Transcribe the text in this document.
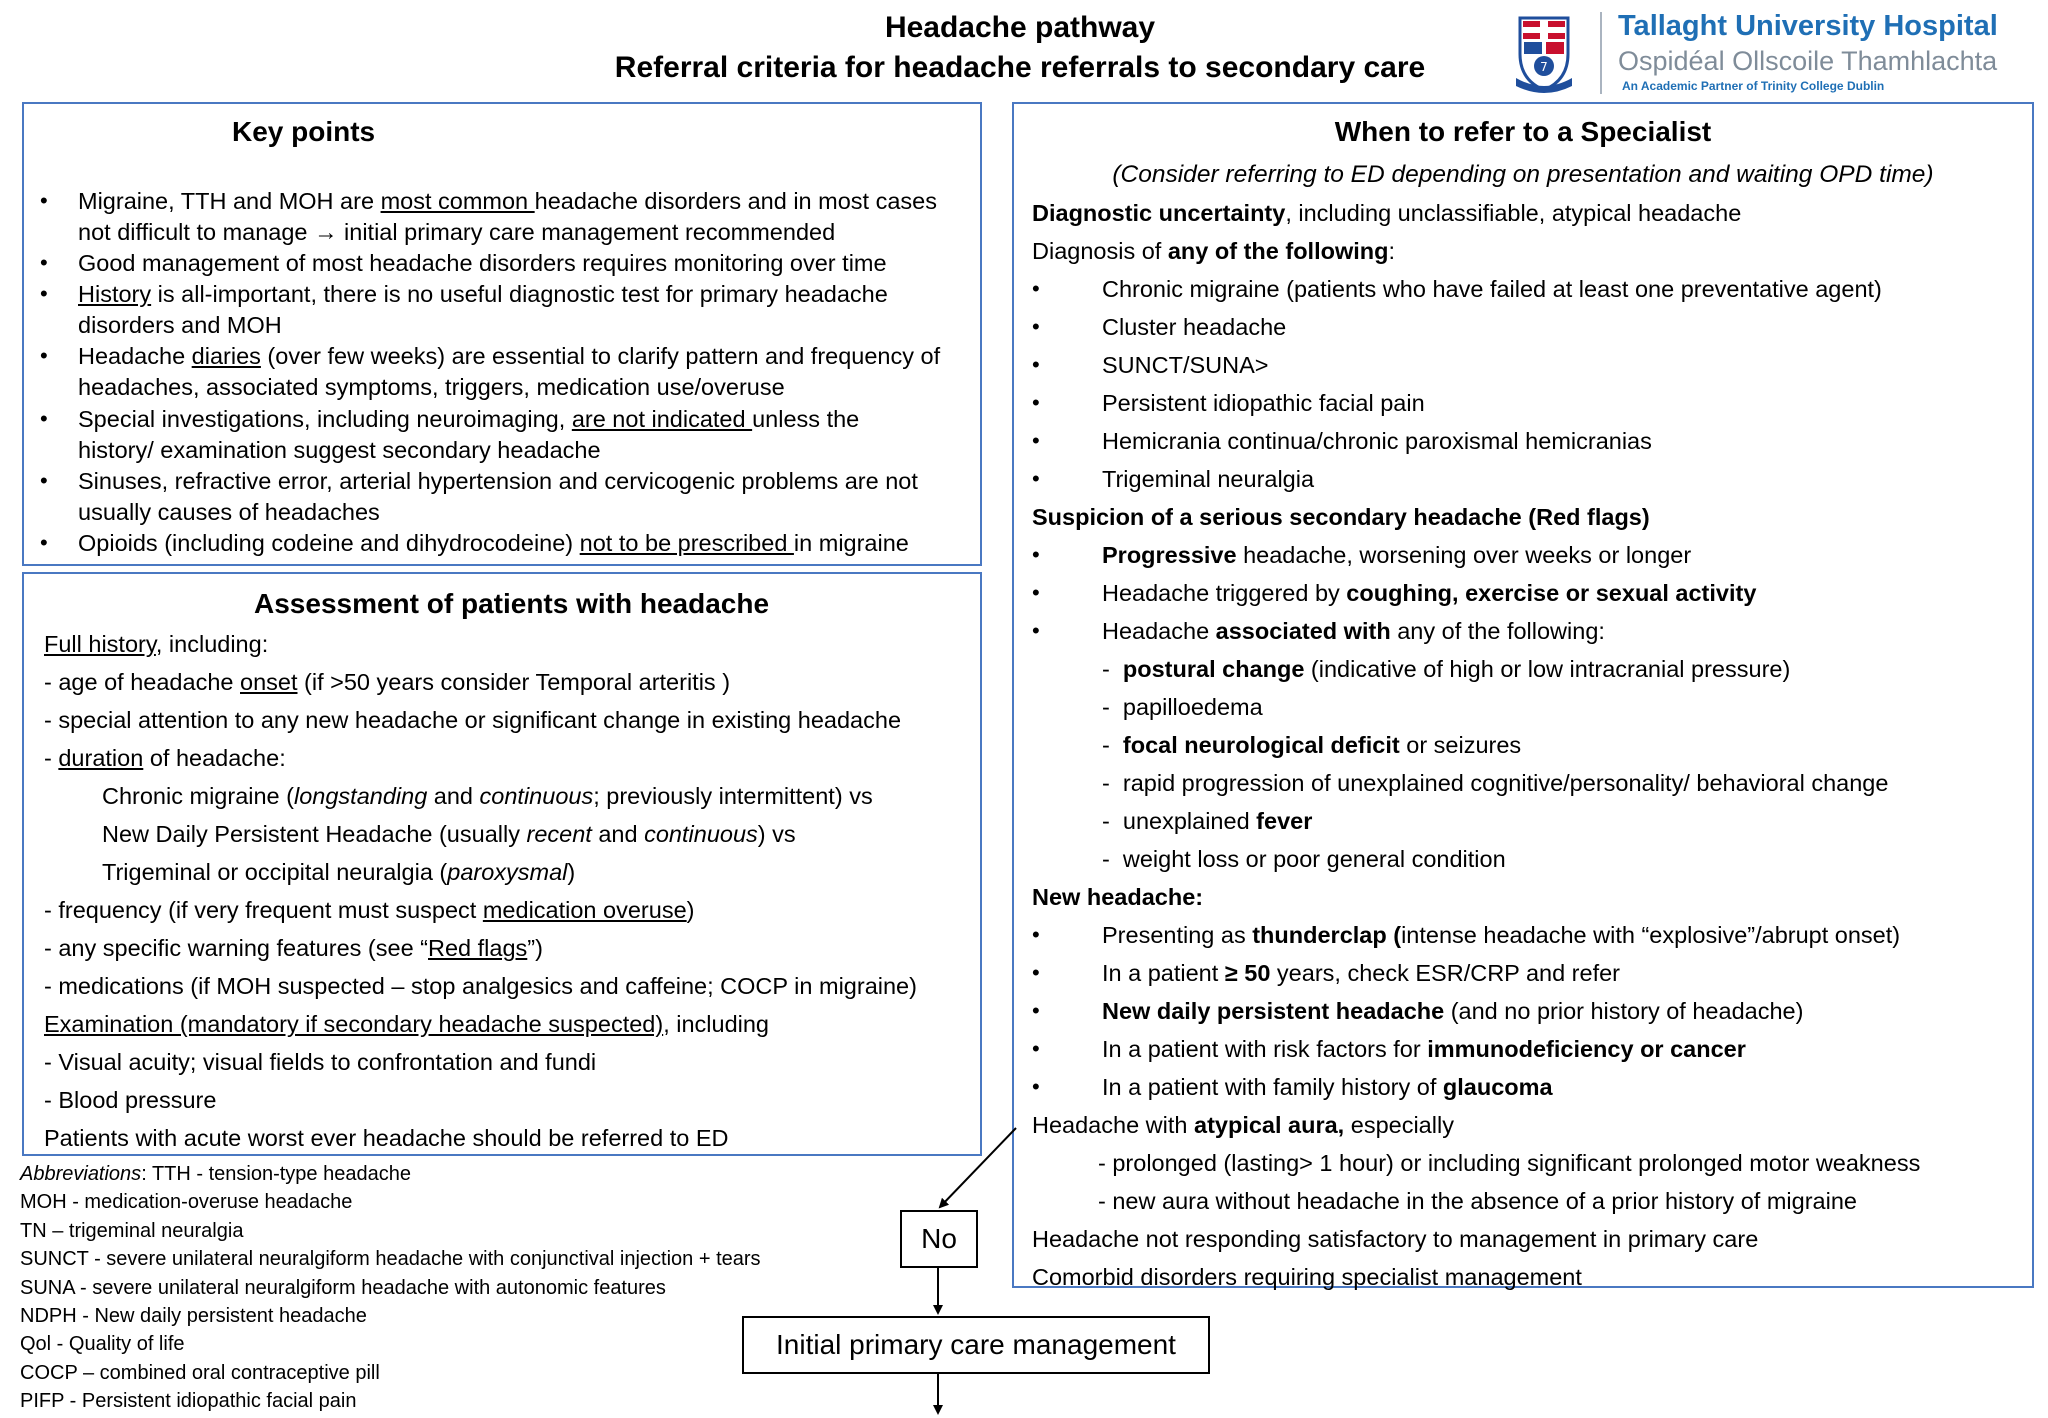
Headache pathway
Referral criteria for headache referrals to secondary care	7
Tallaght University Hospital
Ospidéal Ollscoile Thamhlachta
An Academic Partner of Trinity College Dublin
Key points
• Migraine, TTH and MOH are most common headache disorders and in most cases
not difficult to manage → initial primary care management recommended
• Good management of most headache disorders requires monitoring over time
• History is all-important, there is no useful diagnostic test for primary headache
disorders and MOH
• Headache diaries (over few weeks) are essential to clarify pattern and frequency of
headaches, associated symptoms, triggers, medication use/overuse
• Special investigations, including neuroimaging, are not indicated unless the
history/ examination suggest secondary headache
• Sinuses, refractive error, arterial hypertension and cervicogenic problems are not
usually causes of headaches
• Opioids (including codeine and dihydrocodeine) not to be prescribed in migraine
Assessment of patients with headache
Full history, including:
- age of headache onset (if >50 years consider Temporal arteritis )
- special attention to any new headache or significant change in existing headache
- duration of headache:
Chronic migraine (longstanding and continuous; previously intermittent) vs
New Daily Persistent Headache (usually recent and continuous) vs
Trigeminal or occipital neuralgia (paroxysmal)
- frequency (if very frequent must suspect medication overuse)
- any specific warning features (see “Red flags”)
- medications (if MOH suspected – stop analgesics and caffeine; COCP in migraine)
Examination (mandatory if secondary headache suspected), including
- Visual acuity; visual fields to confrontation and fundi
- Blood pressure
Patients with acute worst ever headache should be referred to ED
Abbreviations: TTH - tension-type headache
MOH - medication-overuse headache
TN – trigeminal neuralgia
SUNCT - severe unilateral neuralgiform headache with conjunctival injection + tears
SUNA - severe unilateral neuralgiform headache with autonomic features
NDPH - New daily persistent headache
Qol - Quality of life
COCP – combined oral contraceptive pill
PIFP - Persistent idiopathic facial pain
When to refer to a Specialist
(Consider referring to ED depending on presentation and waiting OPD time)
Diagnostic uncertainty, including unclassifiable, atypical headache
Diagnosis of any of the following:
•	Chronic migraine (patients who have failed at least one preventative agent)
•	Cluster headache
•	SUNCT/SUNA>
•	Persistent idiopathic facial pain
•	Hemicrania continua/chronic paroxismal hemicranias
•	Trigeminal neuralgia
Suspicion of a serious secondary headache (Red flags)
•	Progressive headache, worsening over weeks or longer
•	Headache triggered by coughing, exercise or sexual activity
•	Headache associated with any of the following:
-  postural change (indicative of high or low intracranial pressure)
-  papilloedema
-  focal neurological deficit or seizures
-  rapid progression of unexplained cognitive/personality/ behavioral change
-  unexplained fever
-  weight loss or poor general condition
New headache:
•	Presenting as thunderclap (intense headache with “explosive”/abrupt onset)
•	In a patient ≥ 50 years, check ESR/CRP and refer
•	New daily persistent headache (and no prior history of headache)
•	In a patient with risk factors for immunodeficiency or cancer
•	In a patient with family history of glaucoma
Headache with atypical aura, especially
- prolonged (lasting> 1 hour) or including significant prolonged motor weakness
- new aura without headache in the absence of a prior history of migraine
Headache not responding satisfactory to management in primary care
Comorbid disorders requiring specialist management
No
Initial primary care management
